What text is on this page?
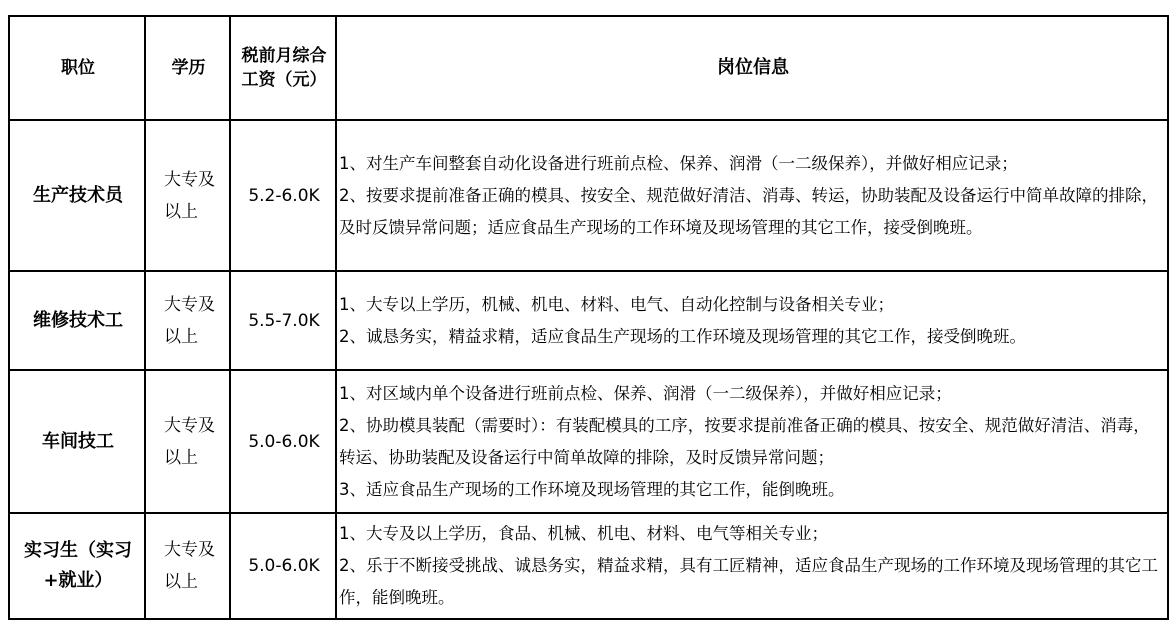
职位	学历	税前月综合工资（元）	岗位信息
生产技术员	大专及以上	5.2-6.0K	1、对生产车间整套自动化设备进行班前点检、保养、润滑（一二级保养），并做好相应记录；
2、按要求提前准备正确的模具、按安全、规范做好清洁、消毒、转运，协助装配及设备运行中简单故障的排除，及时反馈异常问题；适应食品生产现场的工作环境及现场管理的其它工作，接受倒晚班。

维修技术工	大专及以上	5.5-7.0K	1、大专以上学历，机械、机电、材料、电气、自动化控制与设备相关专业；
2、诚恳务实，精益求精，适应食品生产现场的工作环境及现场管理的其它工作，接受倒晚班。

车间技工	大专及以上	5.0-6.0K	1、对区域内单个设备进行班前点检、保养、润滑（一二级保养），并做好相应记录；
2、协助模具装配（需要时）：有装配模具的工序，按要求提前准备正确的模具、按安全、规范做好清洁、消毒，转运、协助装配及设备运行中简单故障的排除，及时反馈异常问题；
3、适应食品生产现场的工作环境及现场管理的其它工作，能倒晚班。

实习生（实习+就业）	大专及以上	5.0-6.0K	1、大专及以上学历，食品、机械、机电、材料、电气等相关专业；
2、乐于不断接受挑战、诚恳务实，精益求精，具有工匠精神，适应食品生产现场的工作环境及现场管理的其它工作，能倒晚班。
